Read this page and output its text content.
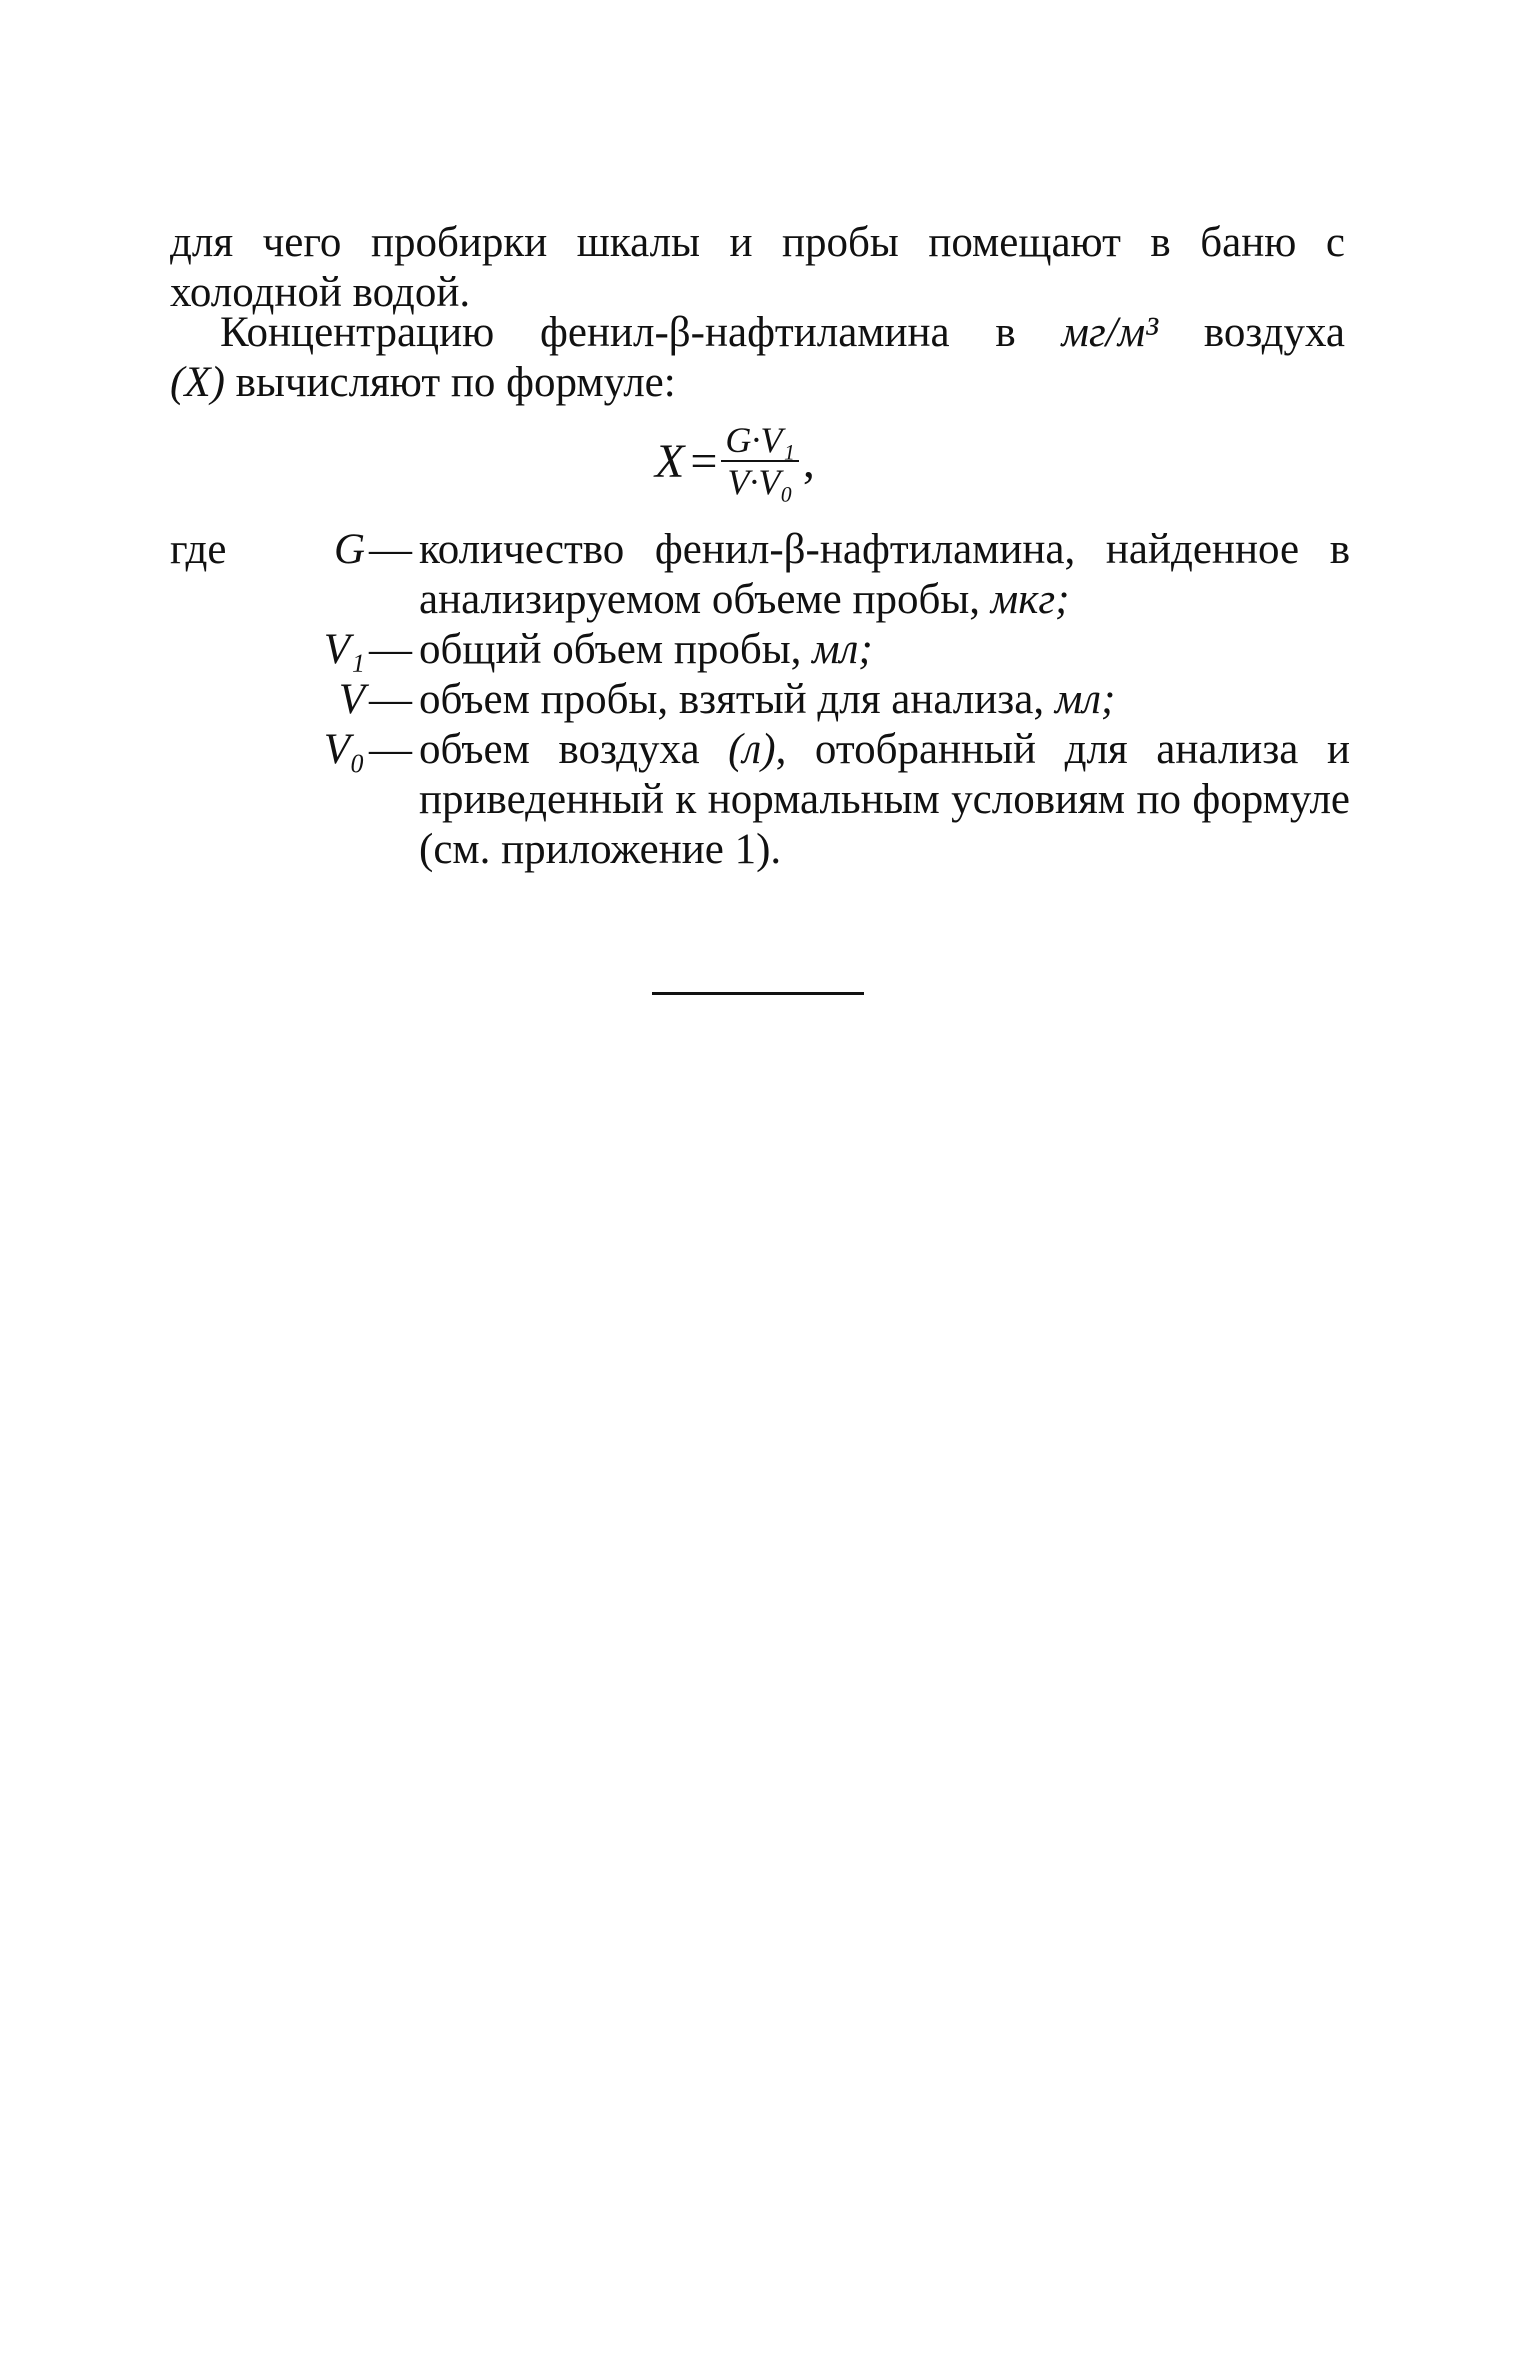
для чего пробирки шкалы и пробы помещают в баню с
холодной водой.

Концентрацию фенил-β-нафтиламина в мг/м³ воздуха
(X) вычисляют по формуле:

$X = \frac{\text{G·V₁}}{\text{V·V₀}}$ ,
где	G — количество фенил-β-нафтиламина, найденное в анализируемом объеме пробы, мкг;
V₁ — общий объем пробы, мл;
V — объем пробы, взятый для анализа, мл;
V₀ — объем воздуха (л), отобранный для анализа и приведенный к нормальным условиям по формуле (см. приложение 1).
